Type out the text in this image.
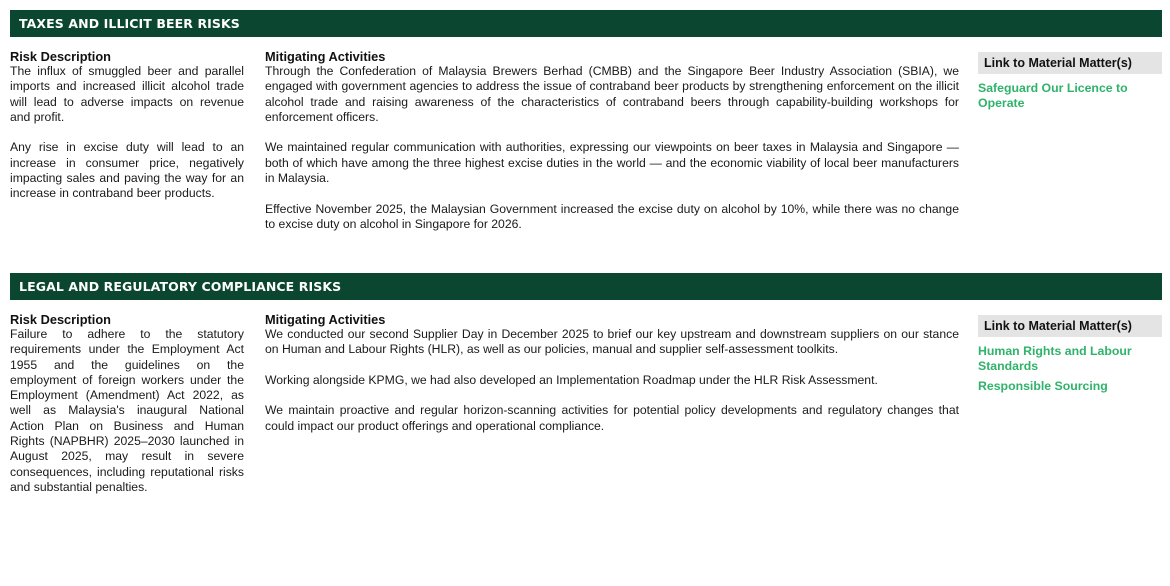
TAXES AND ILLICIT BEER RISKS
Risk Description

The influx of smuggled beer and parallel imports and increased illicit alcohol trade will lead to adverse impacts on revenue and profit.

Any rise in excise duty will lead to an increase in consumer price, negatively impacting sales and paving the way for an increase in contraband beer products.

Mitigating Activities

Through the Confederation of Malaysia Brewers Berhad (CMBB) and the Singapore Beer Industry Association (SBIA), we engaged with government agencies to address the issue of contraband beer products by strengthening enforcement on the illicit alcohol trade and raising awareness of the characteristics of contraband beers through capability-building workshops for enforcement officers.

We maintained regular communication with authorities, expressing our viewpoints on beer taxes in Malaysia and Singapore — both of which have among the three highest excise duties in the world — and the economic viability of local beer manufacturers in Malaysia.

Effective November 2025, the Malaysian Government increased the excise duty on alcohol by 10%, while there was no change to excise duty on alcohol in Singapore for 2026.

Link to Material Matter(s)
Safeguard Our Licence to Operate
LEGAL AND REGULATORY COMPLIANCE RISKS
Risk Description

Failure to adhere to the statutory requirements under the Employment Act 1955 and the guidelines on the employment of foreign workers under the Employment (Amendment) Act 2022, as well as Malaysia's inaugural National Action Plan on Business and Human Rights (NAPBHR) 2025–2030 launched in August 2025, may result in severe consequences, including reputational risks and substantial penalties.

Mitigating Activities

We conducted our second Supplier Day in December 2025 to brief our key upstream and downstream suppliers on our stance on Human and Labour Rights (HLR), as well as our policies, manual and supplier self-assessment toolkits.

Working alongside KPMG, we had also developed an Implementation Roadmap under the HLR Risk Assessment.

We maintain proactive and regular horizon-scanning activities for potential policy developments and regulatory changes that could impact our product offerings and operational compliance.

Link to Material Matter(s)
Human Rights and Labour Standards
Responsible Sourcing
